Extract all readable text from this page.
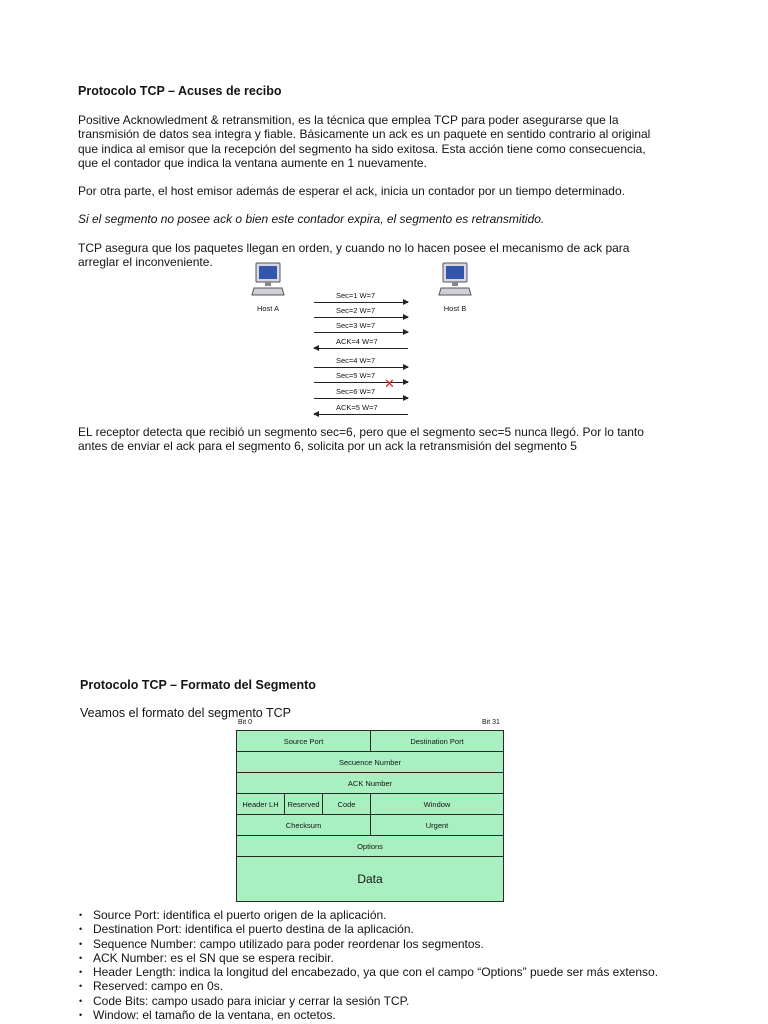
Protocolo TCP – Acuses de recibo
Positive Acknowledment & retransmition, es la técnica que emplea TCP para poder asegurarse que la transmisión de datos sea integra y fiable. Básicamente un ack es un paquete en sentido contrario al original que indica al emisor que la recepción del segmento ha sido exitosa. Esta acción tiene como consecuencia, que el contador que indica la ventana aumente en 1 nuevamente.
Por otra parte, el host emisor además de esperar el ack, inicia un contador por un tiempo determinado.
Si el segmento no posee ack o bien este contador expira, el segmento es retransmitido.
TCP asegura que los paquetes llegan en orden, y cuando no lo hacen posee el mecanismo de ack para arreglar el inconveniente.
Host A	Host B
Sec=1 W=7
Sec=2 W=7
Sec=3 W=7
ACK=4 W=7
Sec=4 W=7
Sec=5 W=7
✕
Sec=6 W=7
ACK=5 W=7
EL receptor detecta que recibió un segmento sec=6, pero que el segmento sec=5 nunca llegó. Por lo tanto antes de enviar el ack para el segmento 6, solicita por un ack la retransmisión del segmento 5
Protocolo TCP – Formato del Segmento
Veamos el formato del segmento TCP
Bit 0	Bit 31
Source Port			Destination Port
Secuence Number			
ACK Number			
Header LH	Reserved	Code	Window
Checksum			Urgent
Options			
Data			
• Source Port: identifica el puerto origen de la aplicación.
• Destination Port: identifica el puerto destina de la aplicación.
• Sequence Number: campo utilizado para poder reordenar los segmentos.
• ACK Number: es el SN que se espera recibir.
• Header Length: indica la longitud del encabezado, ya que con el campo “Options” puede ser más extenso.
• Reserved: campo en 0s.
• Code Bits: campo usado para iniciar y cerrar la sesión TCP.
• Window: el tamaño de la ventana, en octetos.
